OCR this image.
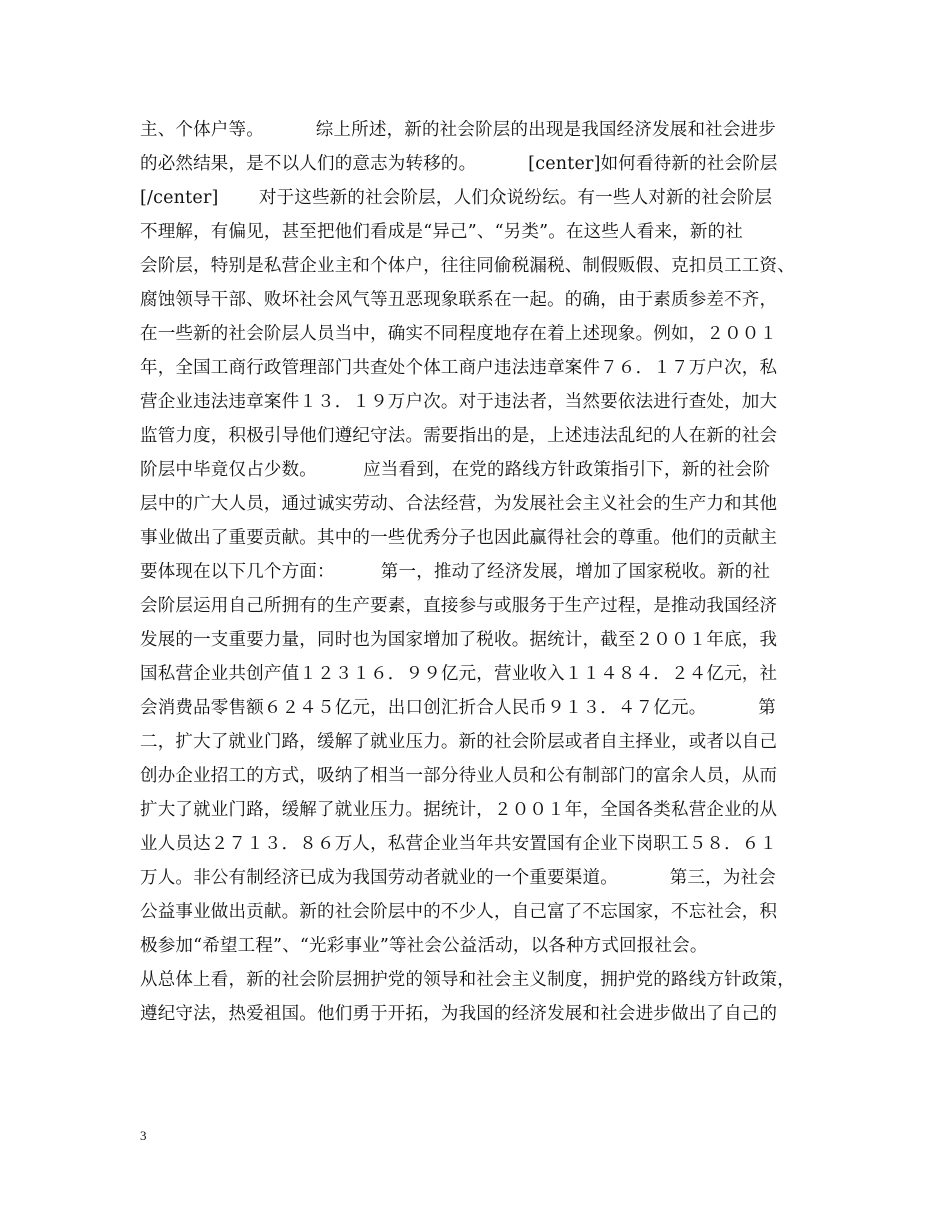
主、个体户等。         综上所述，新的社会阶层的出现是我国经济发展和社会进步
的必然结果，是不以人们的意志为转移的。         [center]如何看待新的社会阶层
[/center]       对于这些新的社会阶层，人们众说纷纭。有一些人对新的社会阶层
不理解，有偏见，甚至把他们看成是“异己”、“另类”。在这些人看来，新的社
会阶层，特别是私营企业主和个体户，往往同偷税漏税、制假贩假、克扣员工工资、
腐蚀领导干部、败坏社会风气等丑恶现象联系在一起。的确，由于素质参差不齐，
在一些新的社会阶层人员当中，确实不同程度地存在着上述现象。例如，２００１
年，全国工商行政管理部门共查处个体工商户违法违章案件７６．１７万户次，私
营企业违法违章案件１３．１９万户次。对于违法者，当然要依法进行查处，加大
监管力度，积极引导他们遵纪守法。需要指出的是，上述违法乱纪的人在新的社会
阶层中毕竟仅占少数。        应当看到，在党的路线方针政策指引下，新的社会阶
层中的广大人员，通过诚实劳动、合法经营，为发展社会主义社会的生产力和其他
事业做出了重要贡献。其中的一些优秀分子也因此赢得社会的尊重。他们的贡献主
要体现在以下几个方面：        第一，推动了经济发展，增加了国家税收。新的社
会阶层运用自己所拥有的生产要素，直接参与或服务于生产过程，是推动我国经济
发展的一支重要力量，同时也为国家增加了税收。据统计，截至２００１年底，我
国私营企业共创产值１２３１６．９９亿元，营业收入１１４８４．２４亿元，社
会消费品零售额６２４５亿元，出口创汇折合人民币９１３．４７亿元。         第
二，扩大了就业门路，缓解了就业压力。新的社会阶层或者自主择业，或者以自己
创办企业招工的方式，吸纳了相当一部分待业人员和公有制部门的富余人员，从而
扩大了就业门路，缓解了就业压力。据统计，２００１年，全国各类私营企业的从
业人员达２７１３．８６万人，私营企业当年共安置国有企业下岗职工５８．６１
万人。非公有制经济已成为我国劳动者就业的一个重要渠道。         第三，为社会
公益事业做出贡献。新的社会阶层中的不少人，自己富了不忘国家，不忘社会，积
极参加“希望工程”、“光彩事业”等社会公益活动，以各种方式回报社会。
从总体上看，新的社会阶层拥护党的领导和社会主义制度，拥护党的路线方针政策，
遵纪守法，热爱祖国。他们勇于开拓，为我国的经济发展和社会进步做出了自己的
3
